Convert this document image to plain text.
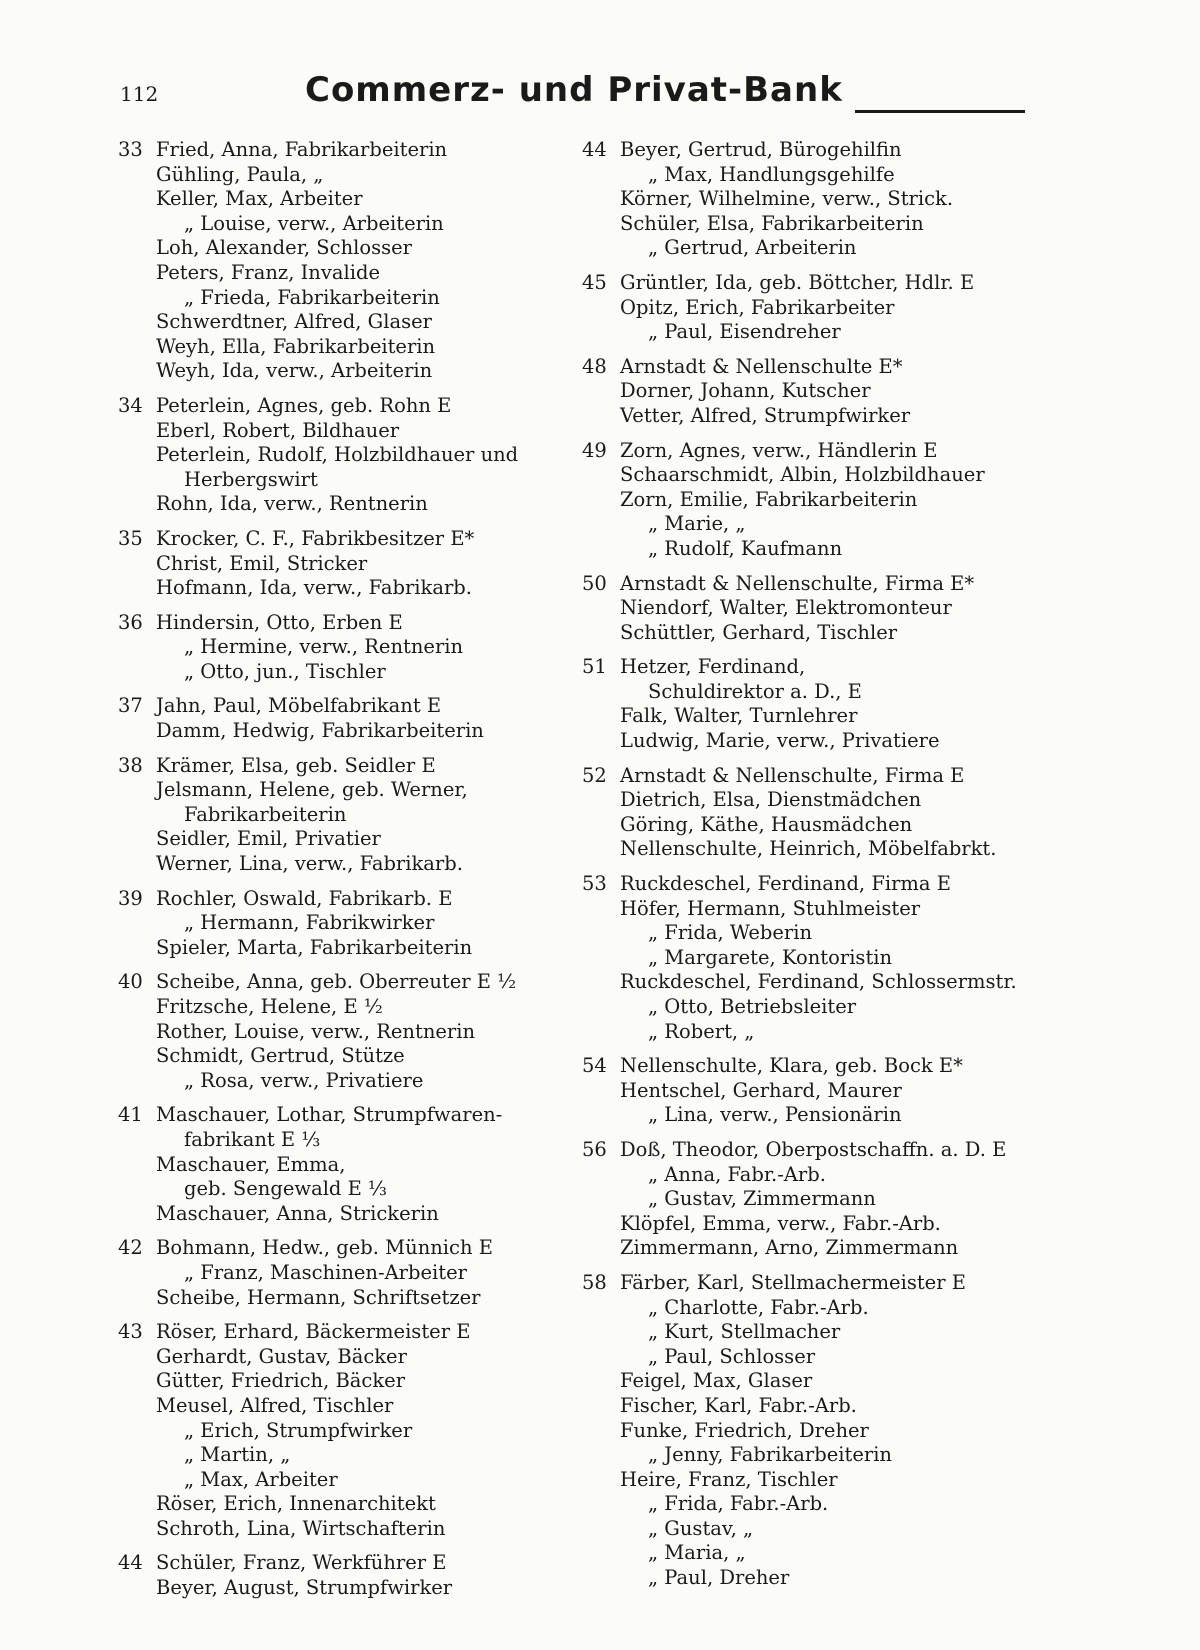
112	Commerz- und Privat-Bank
33 Fried, Anna, Fabrikarbeiterin
Gühling, Paula, „
Keller, Max, Arbeiter
„ Louise, verw., Arbeiterin
Loh, Alexander, Schlosser
Peters, Franz, Invalide
„ Frieda, Fabrikarbeiterin
Schwerdtner, Alfred, Glaser
Weyh, Ella, Fabrikarbeiterin
Weyh, Ida, verw., Arbeiterin
34 Peterlein, Agnes, geb. Rohn E
Eberl, Robert, Bildhauer
Peterlein, Rudolf, Holzbildhauer und
Herbergswirt
Rohn, Ida, verw., Rentnerin
35 Krocker, C. F., Fabrikbesitzer E*
Christ, Emil, Stricker
Hofmann, Ida, verw., Fabrikarb.
36 Hindersin, Otto, Erben E
„ Hermine, verw., Rentnerin
„ Otto, jun., Tischler
37 Jahn, Paul, Möbelfabrikant E
Damm, Hedwig, Fabrikarbeiterin
38 Krämer, Elsa, geb. Seidler E
Jelsmann, Helene, geb. Werner,
Fabrikarbeiterin
Seidler, Emil, Privatier
Werner, Lina, verw., Fabrikarb.
39 Rochler, Oswald, Fabrikarb. E
„ Hermann, Fabrikwirker
Spieler, Marta, Fabrikarbeiterin
40 Scheibe, Anna, geb. Oberreuter E ½
Fritzsche, Helene, E ½
Rother, Louise, verw., Rentnerin
Schmidt, Gertrud, Stütze
„ Rosa, verw., Privatiere
41 Maschauer, Lothar, Strumpfwaren-
fabrikant E ⅓
Maschauer, Emma,
geb. Sengewald E ⅓
Maschauer, Anna, Strickerin
42 Bohmann, Hedw., geb. Münnich E
„ Franz, Maschinen-Arbeiter
Scheibe, Hermann, Schriftsetzer
43 Röser, Erhard, Bäckermeister E
Gerhardt, Gustav, Bäcker
Gütter, Friedrich, Bäcker
Meusel, Alfred, Tischler
„ Erich, Strumpfwirker
„ Martin, „
„ Max, Arbeiter
Röser, Erich, Innenarchitekt
Schroth, Lina, Wirtschafterin
44 Schüler, Franz, Werkführer E
Beyer, August, Strumpfwirker
44 Beyer, Gertrud, Bürogehilfin
„ Max, Handlungsgehilfe
Körner, Wilhelmine, verw., Strick.
Schüler, Elsa, Fabrikarbeiterin
„ Gertrud, Arbeiterin
45 Grüntler, Ida, geb. Böttcher, Hdlr. E
Opitz, Erich, Fabrikarbeiter
„ Paul, Eisendreher
48 Arnstadt & Nellenschulte E*
Dorner, Johann, Kutscher
Vetter, Alfred, Strumpfwirker
49 Zorn, Agnes, verw., Händlerin E
Schaarschmidt, Albin, Holzbildhauer
Zorn, Emilie, Fabrikarbeiterin
„ Marie, „
„ Rudolf, Kaufmann
50 Arnstadt & Nellenschulte, Firma E*
Niendorf, Walter, Elektromonteur
Schüttler, Gerhard, Tischler
51 Hetzer, Ferdinand,
Schuldirektor a. D., E
Falk, Walter, Turnlehrer
Ludwig, Marie, verw., Privatiere
52 Arnstadt & Nellenschulte, Firma E
Dietrich, Elsa, Dienstmädchen
Göring, Käthe, Hausmädchen
Nellenschulte, Heinrich, Möbelfabrkt.
53 Ruckdeschel, Ferdinand, Firma E
Höfer, Hermann, Stuhlmeister
„ Frida, Weberin
„ Margarete, Kontoristin
Ruckdeschel, Ferdinand, Schlossermstr.
„ Otto, Betriebsleiter
„ Robert, „
54 Nellenschulte, Klara, geb. Bock E*
Hentschel, Gerhard, Maurer
„ Lina, verw., Pensionärin
56 Doß, Theodor, Oberpostschaffn. a. D. E
„ Anna, Fabr.-Arb.
„ Gustav, Zimmermann
Klöpfel, Emma, verw., Fabr.-Arb.
Zimmermann, Arno, Zimmermann
58 Färber, Karl, Stellmachermeister E
„ Charlotte, Fabr.-Arb.
„ Kurt, Stellmacher
„ Paul, Schlosser
Feigel, Max, Glaser
Fischer, Karl, Fabr.-Arb.
Funke, Friedrich, Dreher
„ Jenny, Fabrikarbeiterin
Heire, Franz, Tischler
„ Frida, Fabr.-Arb.
„ Gustav, „
„ Maria, „
„ Paul, Dreher
